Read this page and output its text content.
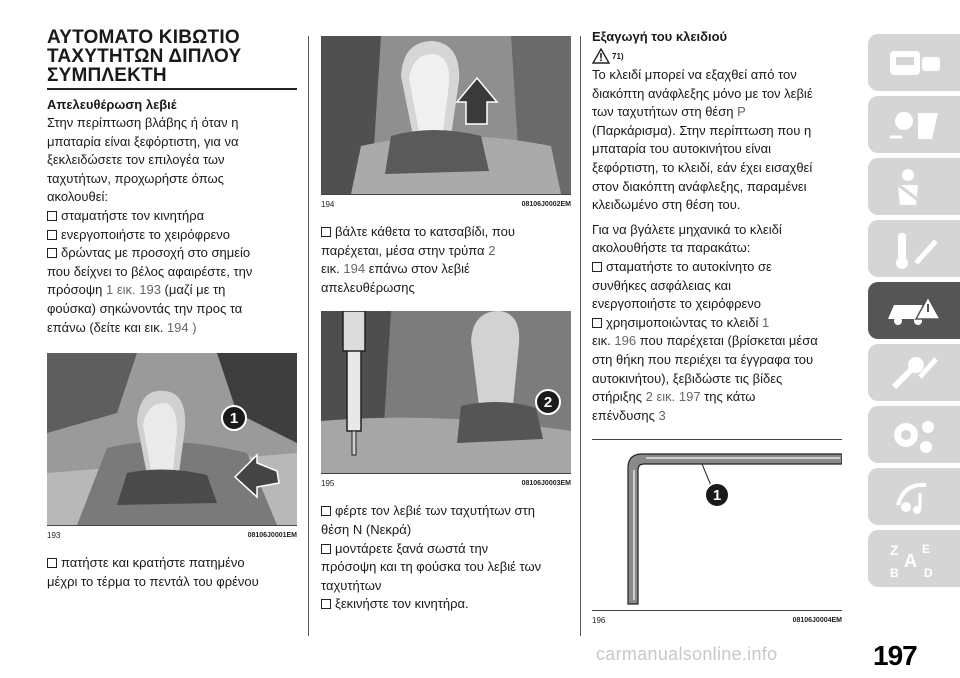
ΑΥΤΟΜΑΤΟ ΚΙΒΩΤΙΟ
ΤΑΧΥΤΗΤΩΝ ΔΙΠΛΟΥ
ΣΥΜΠΛΕΚΤΗ
Απελευθέρωση λεβιέ
Στην περίπτωση βλάβης ή όταν η
μπαταρία είναι ξεφόρτιστη, για να
ξεκλειδώσετε τον επιλογέα των
ταχυτήτων, προχωρήστε όπως
ακολουθεί:
σταματήστε τον κινητήρα
ενεργοποιήστε το χειρόφρενο
δρώντας με προσοχή στο σημείο
που δείχνει το βέλος αφαιρέστε, την
πρόσοψη 1 εικ. 193 (μαζί με τη
φούσκα) σηκώνοντάς την προς τα
επάνω (δείτε και εικ. 194 )
1
193	08106J0001EM
πατήστε και κρατήστε πατημένο
μέχρι το τέρμα το πεντάλ του φρένου
194	08106J0002EM
βάλτε κάθετα το κατσαβίδι, που
παρέχεται, μέσα στην τρύπα 2
εικ. 194 επάνω στον λεβιέ
απελευθέρωσης
2
195	08106J0003EM
φέρτε τον λεβιέ των ταχυτήτων στη
θέση N (Νεκρά)
μοντάρετε ξανά σωστά την
πρόσοψη και τη φούσκα του λεβιέ των
ταχυτήτων
ξεκινήστε τον κινητήρα.
Εξαγωγή του κλειδιού
71)
Το κλειδί μπορεί να εξαχθεί από τον
διακόπτη ανάφλεξης μόνο με τον λεβιέ
των ταχυτήτων στη θέση P
(Παρκάρισμα). Στην περίπτωση που η
μπαταρία του αυτοκινήτου είναι
ξεφόρτιστη, το κλειδί, εάν έχει εισαχθεί
στον διακόπτη ανάφλεξης, παραμένει
κλειδωμένο στη θέση του.
Για να βγάλετε μηχανικά το κλειδί
ακολουθήστε τα παρακάτω:
σταματήστε το αυτοκίνητο σε
συνθήκες ασφάλειας και
ενεργοποιήστε το χειρόφρενο
χρησιμοποιώντας το κλειδί 1
εικ. 196 που παρέχεται (βρίσκεται μέσα
στη θήκη που περιέχει τα έγγραφα του
αυτοκινήτου), ξεβιδώστε τις βίδες
στήριξης 2 εικ. 197 της κάτω
επένδυσης 3
1
196	08106J0004EM
Z E
A
B D
carmanualsonline.info	197
